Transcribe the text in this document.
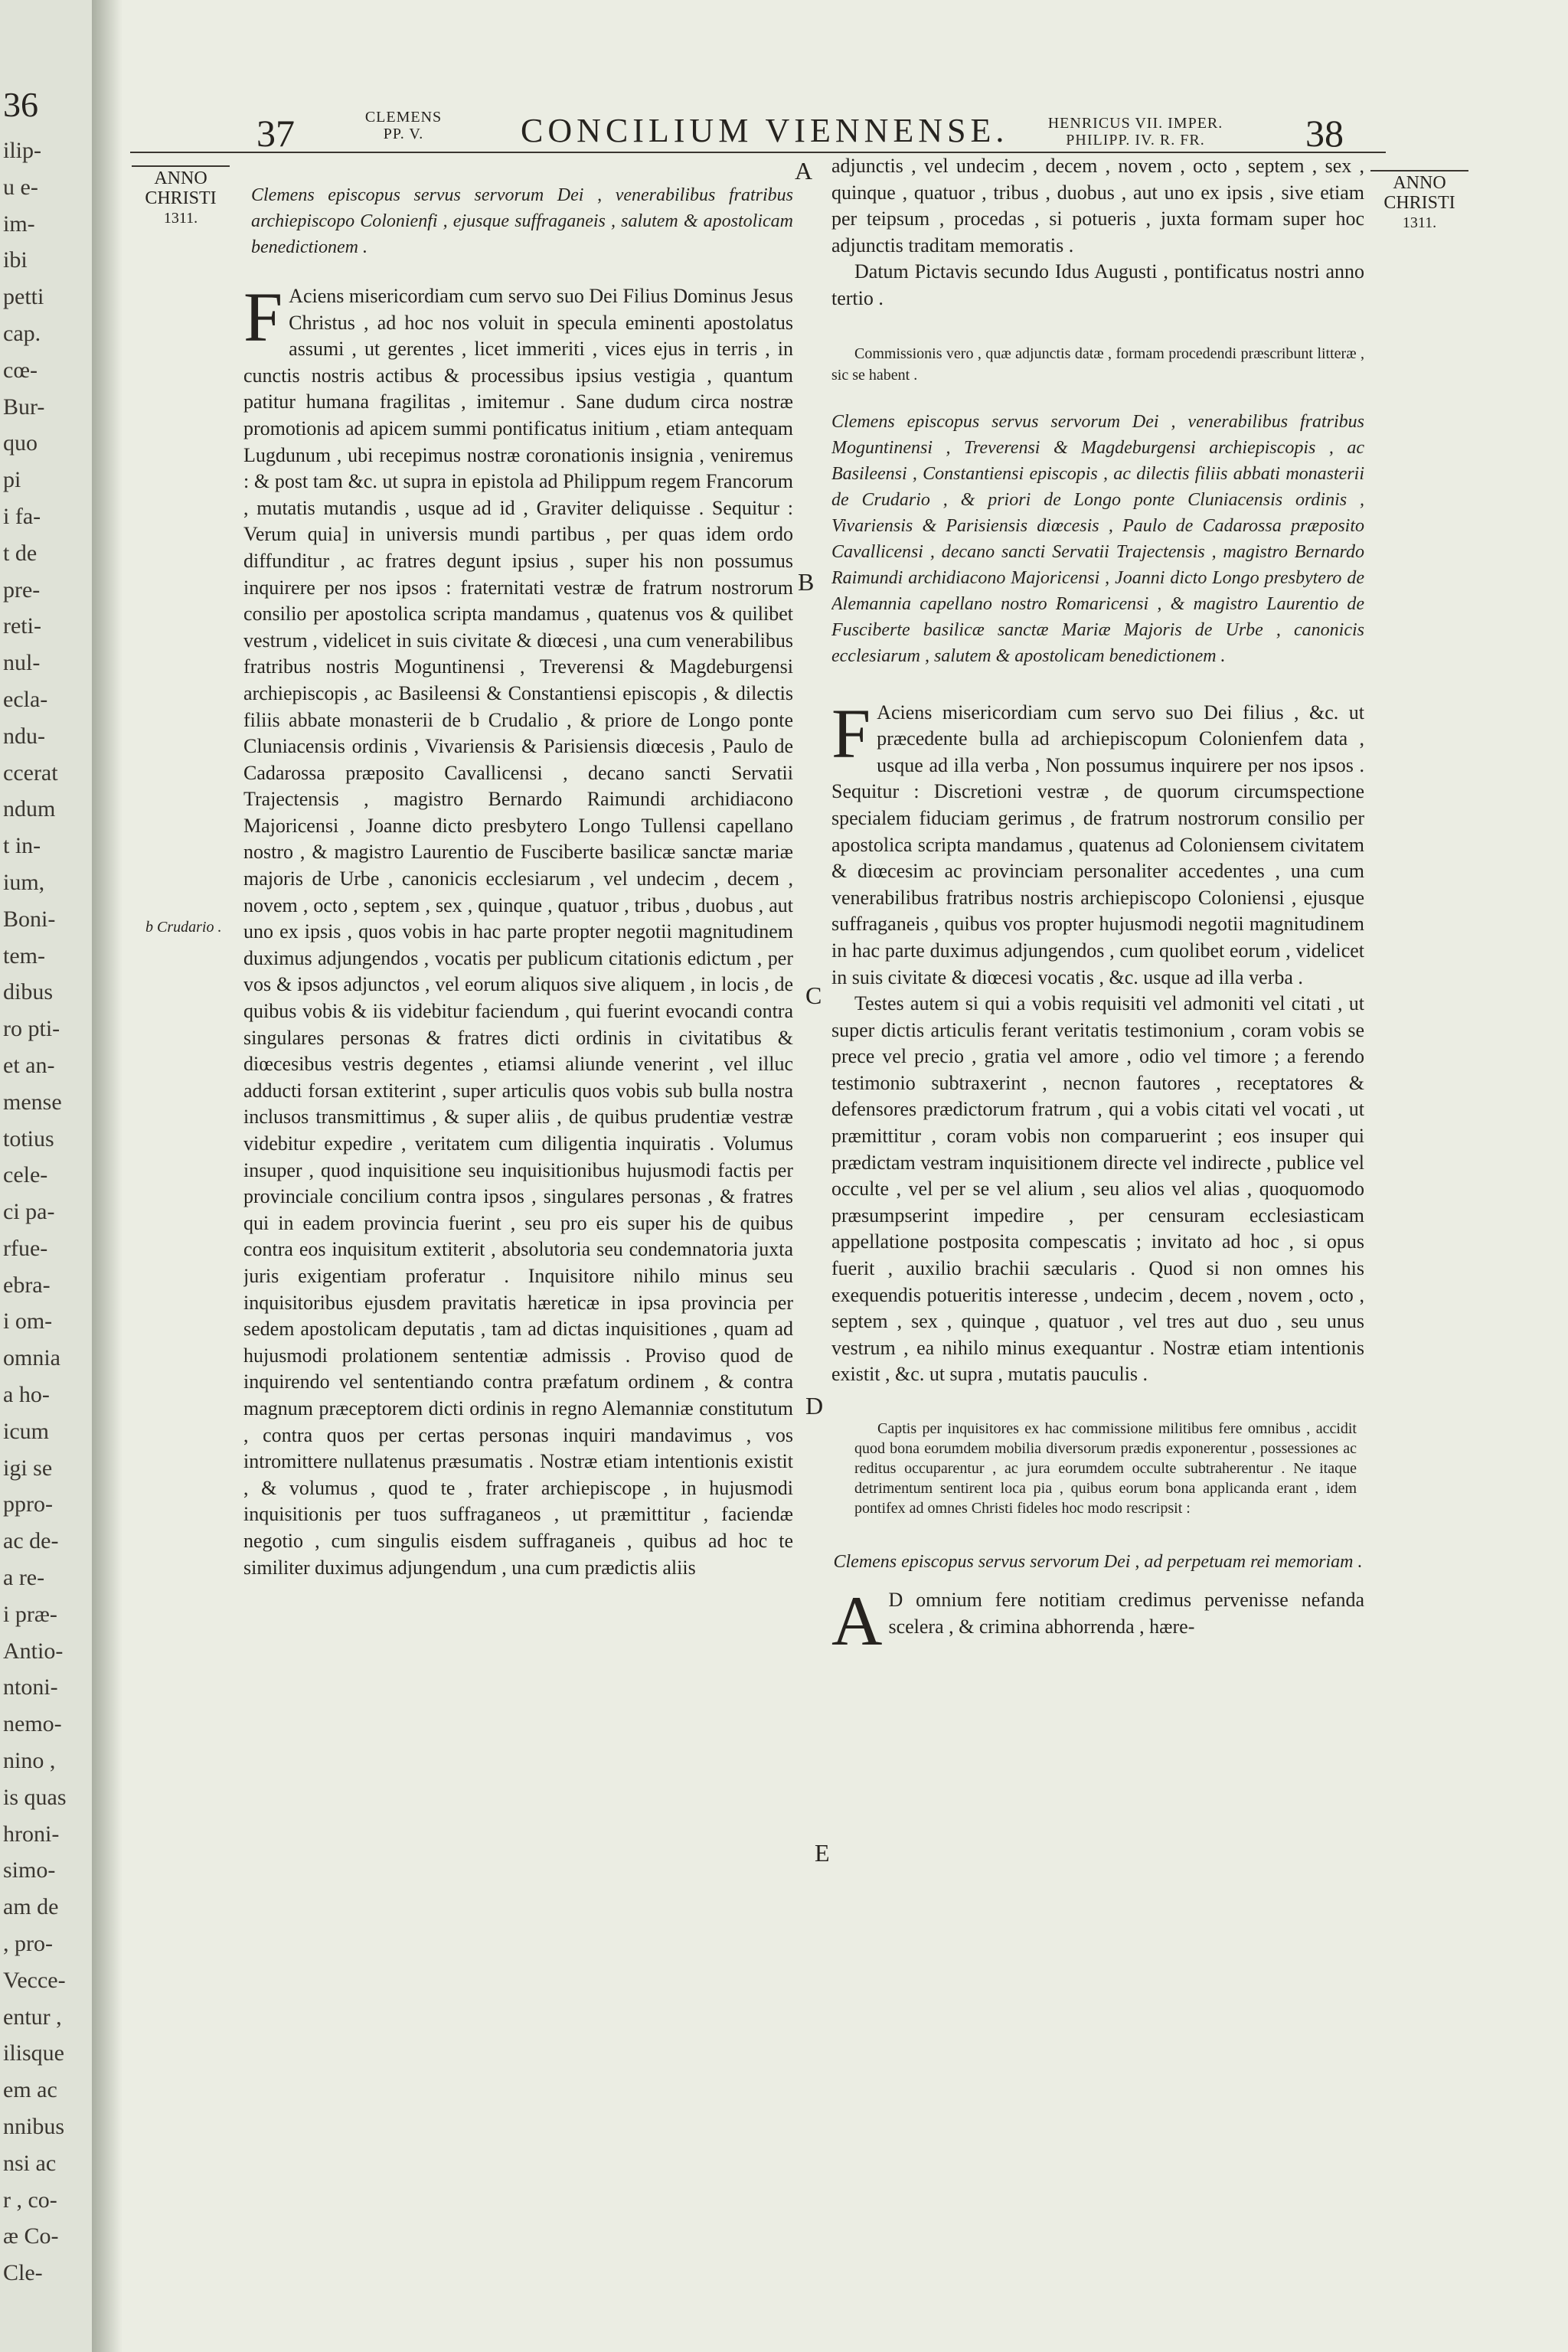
36
ilip-
u e-
im-
ibi
petti
cap.
cœ-
Bur-
quo
pi
i fa-
t de
pre-
reti-
nul-
ecla-
ndu-
ccerat
ndum
t in-
ium,
Boni-
tem-
dibus
ro pti-
et an-
mense
totius
cele-
ci pa-
rfue-
ebra-
i om-
omnia
a ho-
icum
igi se
ppro-
ac de-
a re-
i præ-
Antio-
ntoni-
nemo-
nino ,
is quas
hroni-
simo-
am de
, pro-
Vecce-
entur ,
ilisque
em ac
nnibus
nsi ac
r , co-
æ Co-
Cle-
37	CLEMENS
PP. V.	CONCILIUM VIENNENSE.	HENRICUS VII. IMPER.
PHILIPP. IV. R. FR.	38
ANNO
CHRISTI
1311.
ANNO
CHRISTI
1311.
b Crudario .
A
B
C
D
E

Clemens episcopus servus servorum Dei , venerabilibus fratribus archiepiscopo Colonienfi , ejusque suffraganeis , salutem & apostolicam benedictionem .

F Aciens misericordiam cum servo suo Dei Filius Dominus Jesus Christus , ad hoc nos voluit in specula eminenti apostolatus assumi , ut gerentes , licet immeriti , vices ejus in terris , in cunctis nostris actibus & processibus ipsius vestigia , quantum patitur humana fragilitas , imitemur . Sane dudum circa nostræ promotionis ad apicem summi pontificatus initium , etiam antequam Lugdunum , ubi recepimus nostræ coronationis insignia , veniremus : & post tam &c. ut supra in epistola ad Philippum regem Francorum , mutatis mutandis , usque ad id , Graviter deliquisse . Sequitur : Verum quia] in universis mundi partibus , per quas idem ordo diffunditur , ac fratres degunt ipsius , super his non possumus inquirere per nos ipsos : fraternitati vestræ de fratrum nostrorum consilio per apostolica scripta mandamus , quatenus vos & quilibet vestrum , videlicet in suis civitate & diœcesi , una cum venerabilibus fratribus nostris Moguntinensi , Treverensi & Magdeburgensi archiepiscopis , ac Basileensi & Constantiensi episcopis , & dilectis filiis abbate monasterii de b Crudalio , & priore de Longo ponte Cluniacensis ordinis , Vivariensis & Parisiensis diœcesis , Paulo de Cadarossa præposito Cavallicensi , decano sancti Servatii Trajectensis , magistro Bernardo Raimundi archidiacono Majoricensi , Joanne dicto presbytero Longo Tullensi capellano nostro , & magistro Laurentio de Fusciberte basilicæ sanctæ mariæ majoris de Urbe , canonicis ecclesiarum , vel undecim , decem , novem , octo , septem , sex , quinque , quatuor , tribus , duobus , aut uno ex ipsis , quos vobis in hac parte propter negotii magnitudinem duximus adjungendos , vocatis per publicum citationis edictum , per vos & ipsos adjunctos , vel eorum aliquos sive aliquem , in locis , de quibus vobis & iis videbitur faciendum , qui fuerint evocandi contra singulares personas & fratres dicti ordinis in civitatibus & diœcesibus vestris degentes , etiamsi aliunde venerint , vel illuc adducti forsan extiterint , super articulis quos vobis sub bulla nostra inclusos transmittimus , & super aliis , de quibus prudentiæ vestræ videbitur expedire , veritatem cum diligentia inquiratis . Volumus insuper , quod inquisitione seu inquisitionibus hujusmodi factis per provinciale concilium contra ipsos , singulares personas , & fratres qui in eadem provincia fuerint , seu pro eis super his de quibus contra eos inquisitum extiterit , absolutoria seu condemnatoria juxta juris exigentiam proferatur . Inquisitore nihilo minus seu inquisitoribus ejusdem pravitatis hæreticæ in ipsa provincia per sedem apostolicam deputatis , tam ad dictas inquisitiones , quam ad hujusmodi prolationem sententiæ admissis . Proviso quod de inquirendo vel sententiando contra præfatum ordinem , & contra magnum præceptorem dicti ordinis in regno Alemanniæ constitutum , contra quos per certas personas inquiri mandavimus , vos intromittere nullatenus præsumatis . Nostræ etiam intentionis existit , & volumus , quod te , frater archiepiscope , in hujusmodi inquisitionis per tuos suffraganeos , ut præmittitur , faciendæ negotio , cum singulis eisdem suffraganeis , quibus ad hoc te similiter duximus adjungendum , una cum prædictis aliis

adjunctis , vel undecim , decem , novem , octo , septem , sex , quinque , quatuor , tribus , duobus , aut uno ex ipsis , sive etiam per teipsum , procedas , si potueris , juxta formam super hoc adjunctis traditam memoratis .

Datum Pictavis secundo Idus Augusti , pontificatus nostri anno tertio .

Commissionis vero , quæ adjunctis datæ , formam procedendi præscribunt litteræ , sic se habent .

Clemens episcopus servus servorum Dei , venerabilibus fratribus Moguntinensi , Treverensi & Magdeburgensi archiepiscopis , ac Basileensi , Constantiensi episcopis , ac dilectis filiis abbati monasterii de Crudario , & priori de Longo ponte Cluniacensis ordinis , Vivariensis & Parisiensis diœcesis , Paulo de Cadarossa præposito Cavallicensi , decano sancti Servatii Trajectensis , magistro Bernardo Raimundi archidiacono Majoricensi , Joanni dicto Longo presbytero de Alemannia capellano nostro Romaricensi , & magistro Laurentio de Fusciberte basilicæ sanctæ Mariæ Majoris de Urbe , canonicis ecclesiarum , salutem & apostolicam benedictionem .

F Aciens misericordiam cum servo suo Dei filius , &c. ut præcedente bulla ad archiepiscopum Colonienfem data , usque ad illa verba , Non possumus inquirere per nos ipsos . Sequitur : Discretioni vestræ , de quorum circumspectione specialem fiduciam gerimus , de fratrum nostrorum consilio per apostolica scripta mandamus , quatenus ad Coloniensem civitatem & diœcesim ac provinciam personaliter accedentes , una cum venerabilibus fratribus nostris archiepiscopo Coloniensi , ejusque suffraganeis , quibus vos propter hujusmodi negotii magnitudinem in hac parte duximus adjungendos , cum quolibet eorum , videlicet in suis civitate & diœcesi vocatis , &c. usque ad illa verba .

Testes autem si qui a vobis requisiti vel admoniti vel citati , ut super dictis articulis ferant veritatis testimonium , coram vobis se prece vel precio , gratia vel amore , odio vel timore ; a ferendo testimonio subtraxerint , necnon fautores , receptatores & defensores prædictorum fratrum , qui a vobis citati vel vocati , ut præmittitur , coram vobis non comparuerint ; eos insuper qui prædictam vestram inquisitionem directe vel indirecte , publice vel occulte , vel per se vel alium , seu alios vel alias , quoquomodo præsumpserint impedire , per censuram ecclesiasticam appellatione postposita compescatis ; invitato ad hoc , si opus fuerit , auxilio brachii sæcularis . Quod si non omnes his exequendis potueritis interesse , undecim , decem , novem , octo , septem , sex , quinque , quatuor , vel tres aut duo , seu unus vestrum , ea nihilo minus exequantur . Nostræ etiam intentionis existit , &c. ut supra , mutatis pauculis .

Captis per inquisitores ex hac commissione militibus fere omnibus , accidit quod bona eorumdem mobilia diversorum prædis exponerentur , possessiones ac reditus occuparentur , ac jura eorumdem occulte subtraherentur . Ne itaque detrimentum sentirent loca pia , quibus eorum bona applicanda erant , idem pontifex ad omnes Christi fideles hoc modo rescripsit :

Clemens episcopus servus servorum Dei , ad perpetuam rei memoriam .

A D omnium fere notitiam credimus pervenisse nefanda scelera , & crimina abhorrenda , hære-
